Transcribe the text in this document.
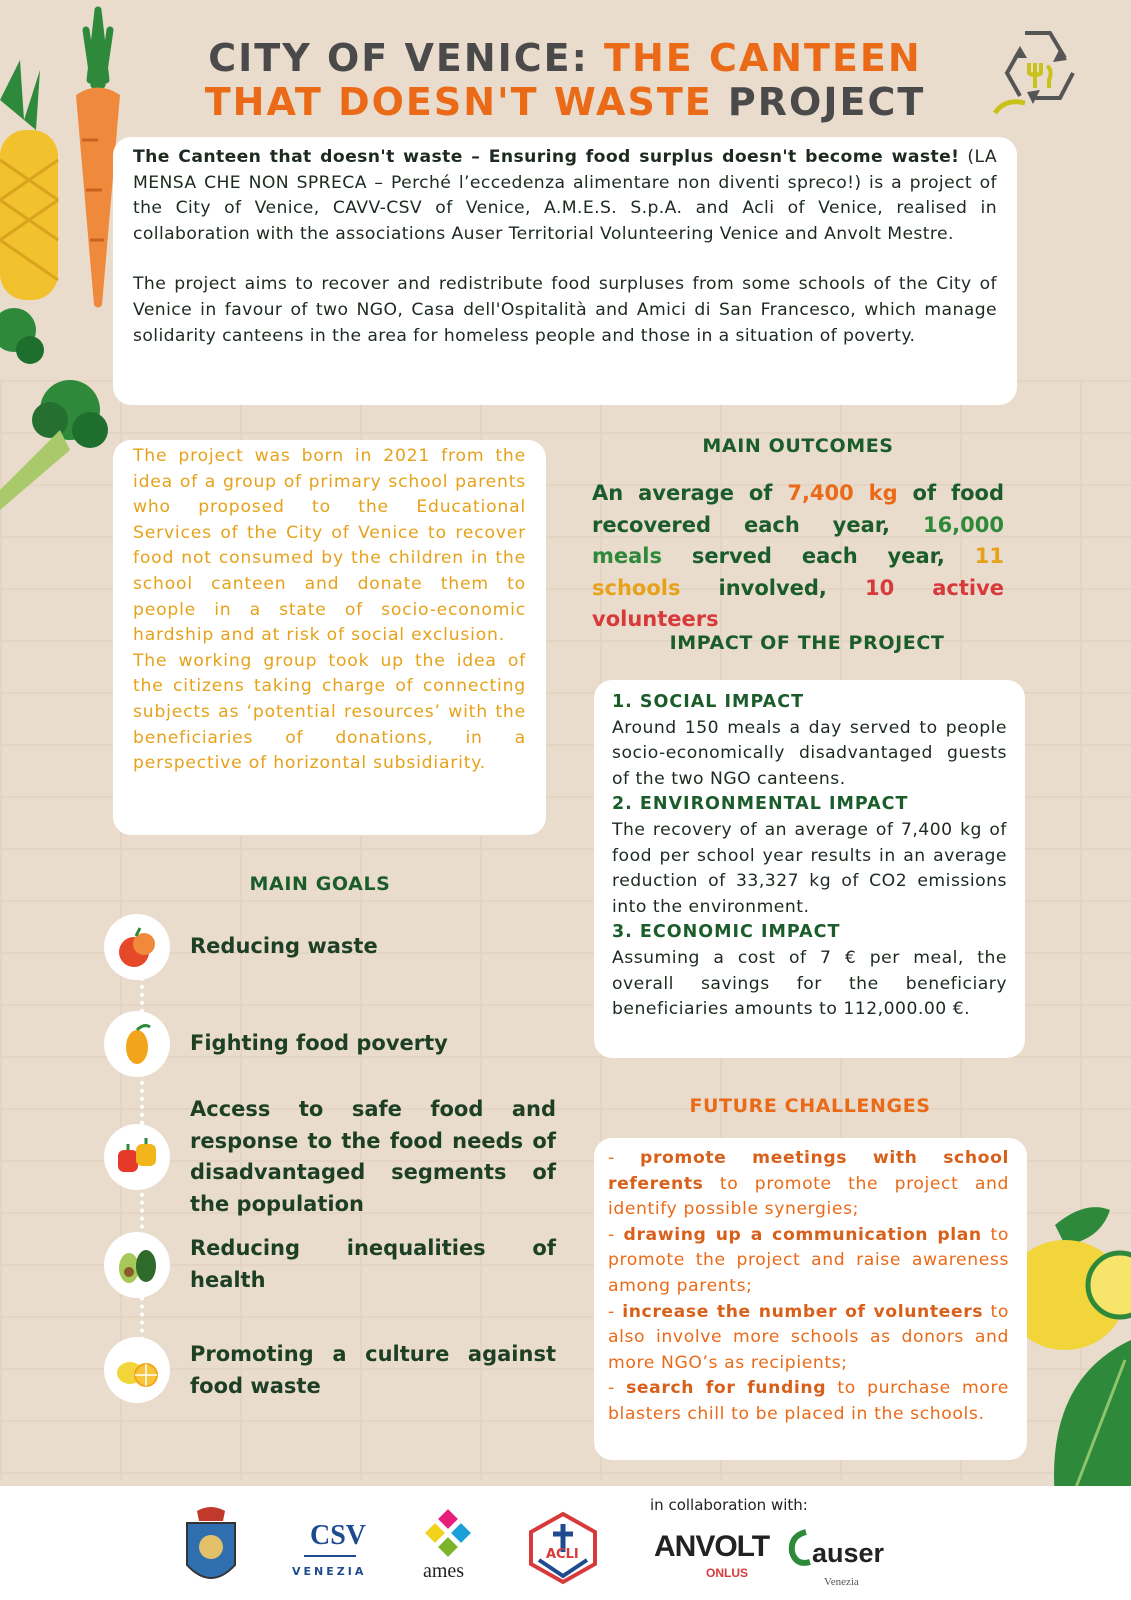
CITY OF VENICE: THE CANTEEN
THAT DOESN'T WASTE PROJECT

The Canteen that doesn't waste – Ensuring food surplus doesn't become waste! (LA MENSA CHE NON SPRECA – Perché l’eccedenza alimentare non diventi spreco!) is a project of the City of Venice, CAVV-CSV of Venice, A.M.E.S. S.p.A. and Acli of Venice, realised in collaboration with the associations Auser Territorial Volunteering Venice and Anvolt Mestre.

The project aims to recover and redistribute food surpluses from some schools of the City of Venice in favour of two NGO, Casa dell'Ospitalità and Amici di San Francesco, which manage solidarity canteens in the area for homeless people and those in a situation of poverty.

The project was born in 2021 from the idea of a group of primary school parents who proposed to the Educational Services of the City of Venice to recover food not consumed by the children in the school canteen and donate them to people in a state of socio-economic hardship and at risk of social exclusion.

The working group took up the idea of the citizens taking charge of connecting subjects as ‘potential resources’ with the beneficiaries of donations, in a perspective of horizontal subsidiarity.

MAIN OUTCOMES
An average of 7,400 kg of food recovered each year, 16,000 meals served each year, 11 schools involved, 10 active volunteers
IMPACT OF THE PROJECT
1. SOCIAL IMPACT

Around 150 meals a day served to people socio-economically disadvantaged guests of the two NGO canteens.

2. ENVIRONMENTAL IMPACT

The recovery of an average of 7,400 kg of food per school year results in an average reduction of 33,327 kg of CO2 emissions into the environment.

3. ECONOMIC IMPACT

Assuming a cost of 7 € per meal, the overall savings for the beneficiary beneficiaries amounts to 112,000.00 €.

MAIN GOALS
Reducing waste
Fighting food poverty
Access to safe food and response to the food needs of disadvantaged segments of the population
Reducing inequalities of health
Promoting a culture against food waste
FUTURE CHALLENGES

- promote meetings with school referents to promote the project and identify possible synergies;

- drawing up a communication plan to promote the project and raise awareness among parents;

- increase the number of volunteers to also involve more schools as donors and more NGO’s as recipients;

- search for funding to purchase more blasters chill to be placed in the schools.

in collaboration with:
CSV
VENEZIA	ames
ACLI	ANVOLT
ONLUS
auser
Venezia
